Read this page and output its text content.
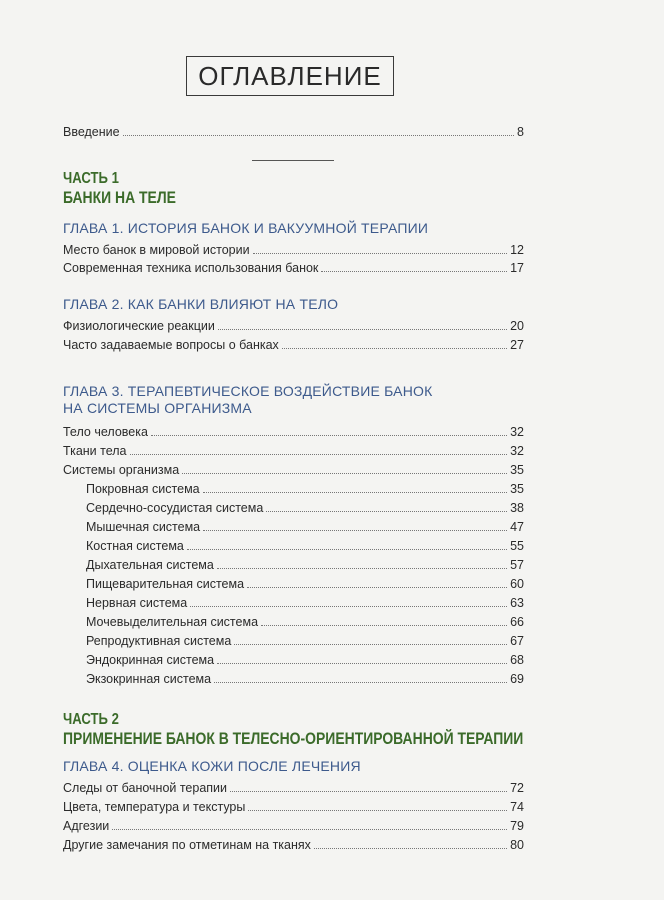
ОГЛАВЛЕНИЕ
Введение	8
ЧАСТЬ 1
БАНКИ НА ТЕЛЕ
ГЛАВА 1. ИСТОРИЯ БАНОК И ВАКУУМНОЙ ТЕРАПИИ
Место банок в мировой истории	12
Современная техника использования банок	17
ГЛАВА 2. КАК БАНКИ ВЛИЯЮТ НА ТЕЛО
Физиологические реакции	20
Часто задаваемые вопросы о банках	27
ГЛАВА 3. ТЕРАПЕВТИЧЕСКОЕ ВОЗДЕЙСТВИЕ БАНОК
НА СИСТЕМЫ ОРГАНИЗМА
Тело человека	32
Ткани тела	32
Системы организма	35
Покровная система	35
Сердечно-сосудистая система	38
Мышечная система	47
Костная система	55
Дыхательная система	57
Пищеварительная система	60
Нервная система	63
Мочевыделительная система	66
Репродуктивная система	67
Эндокринная система	68
Экзокринная система	69
ЧАСТЬ 2
ПРИМЕНЕНИЕ БАНОК В ТЕЛЕСНО-ОРИЕНТИРОВАННОЙ ТЕРАПИИ
ГЛАВА 4. ОЦЕНКА КОЖИ ПОСЛЕ ЛЕЧЕНИЯ
Следы от баночной терапии	72
Цвета, температура и текстуры	74
Адгезии	79
Другие замечания по отметинам на тканях	80
